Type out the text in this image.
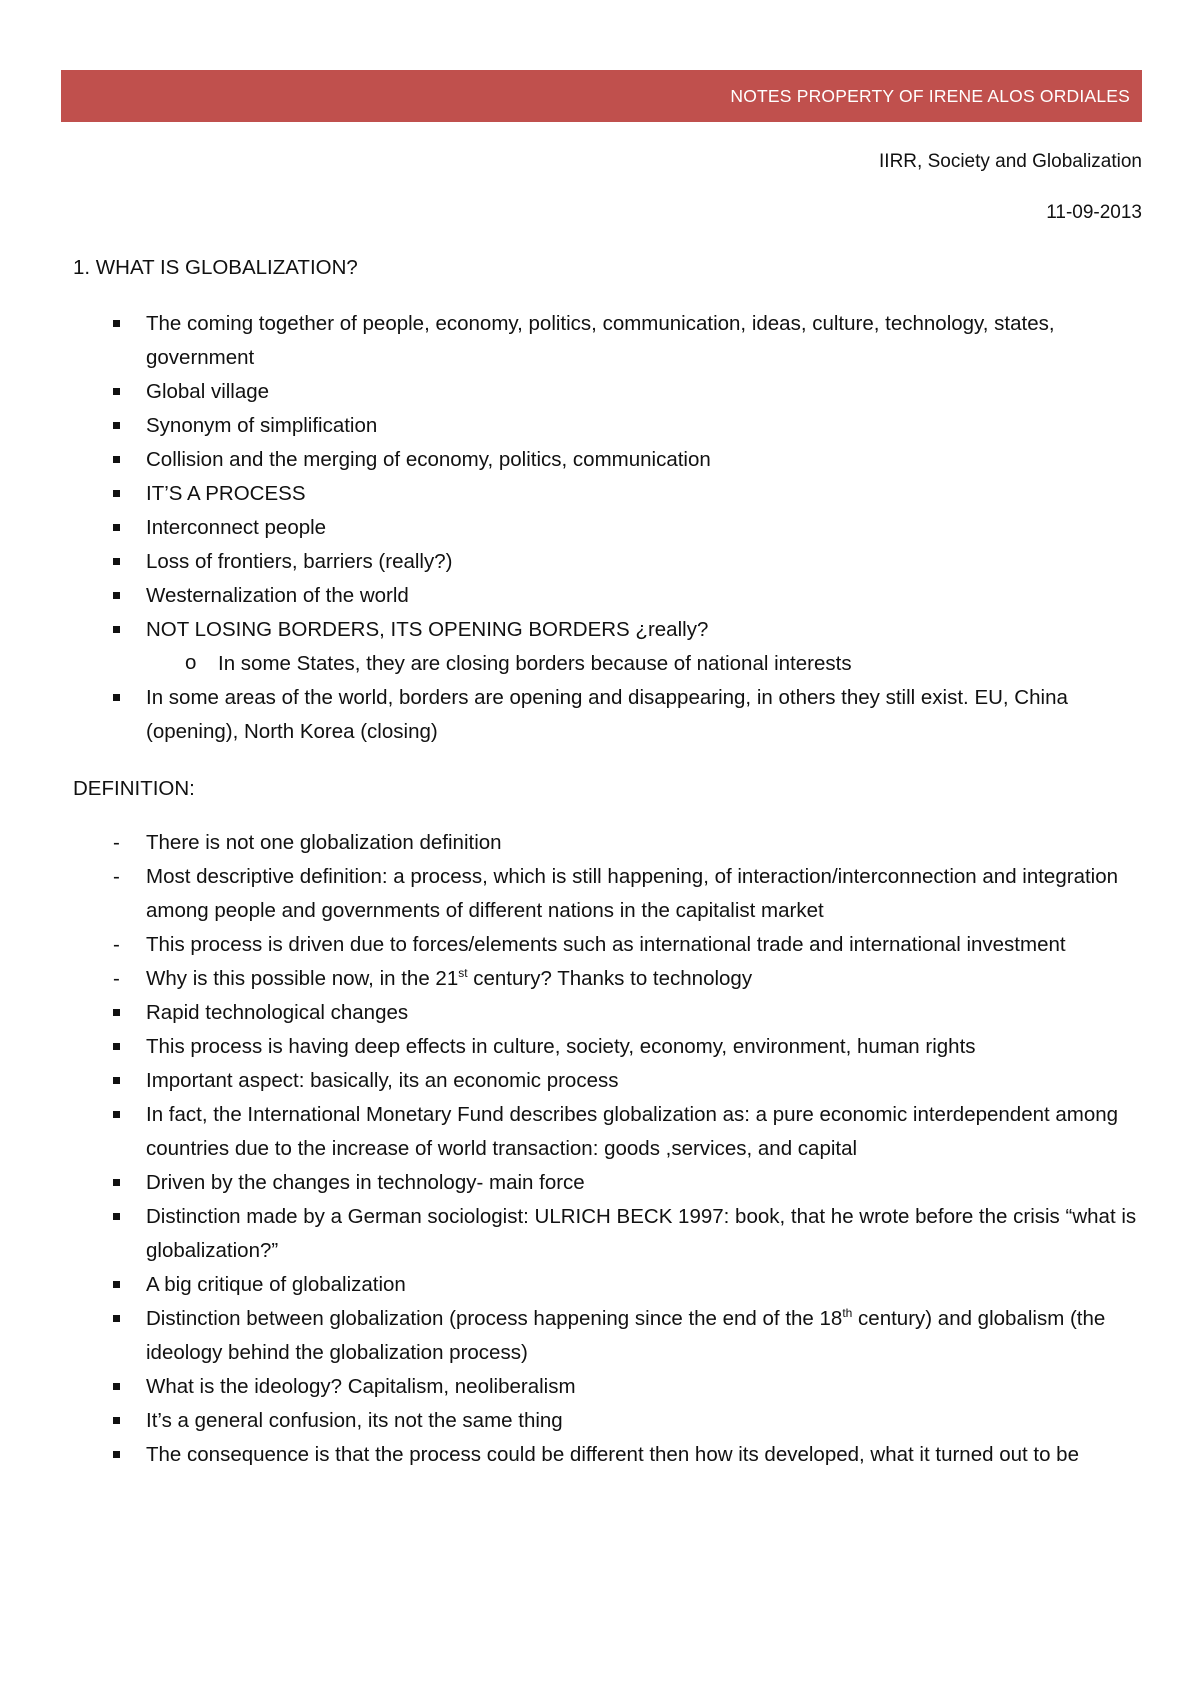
NOTES PROPERTY OF IRENE ALOS ORDIALES
IIRR, Society and Globalization
11-09-2013
1. WHAT IS GLOBALIZATION?
The coming together of people, economy, politics, communication, ideas, culture, technology, states, government
Global village
Synonym of simplification
Collision and the merging of economy, politics, communication
IT’S A PROCESS
Interconnect people
Loss of frontiers, barriers (really?)
Westernalization of the world
NOT LOSING BORDERS, ITS OPENING BORDERS ¿really?
In some States, they are closing borders because of national interests
In some areas of the world, borders are opening and disappearing, in others they still exist. EU, China (opening), North Korea (closing)
DEFINITION:
There is not one globalization definition
Most descriptive definition: a process, which is still happening, of interaction/interconnection and integration among people and governments of different nations in the capitalist market
This process is driven due to forces/elements such as international trade and international investment
Why is this possible now, in the 21st century? Thanks to technology
Rapid technological changes
This process is having deep effects in culture, society, economy, environment, human rights
Important aspect: basically, its an economic process
In fact, the International Monetary Fund describes globalization as: a pure economic interdependent among countries due to the increase of world transaction: goods ,services, and capital
Driven by the changes in technology- main force
Distinction made by a German sociologist: ULRICH BECK 1997: book, that he wrote before the crisis “what is globalization?”
A big critique of globalization
Distinction between globalization (process happening since the end of the 18th century) and globalism (the ideology behind the globalization process)
What is the ideology? Capitalism, neoliberalism
It’s a general confusion, its not the same thing
The consequence is that the process could be different then how its developed, what it turned out to be
